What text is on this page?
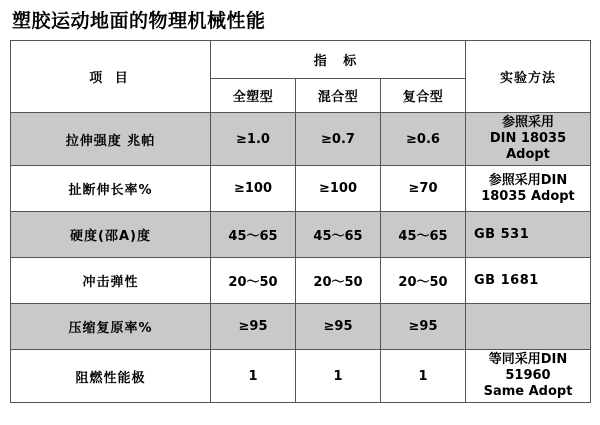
塑胶运动地面的物理机械性能
项 目	指 标			实验方法
	全塑型	混合型	复合型	
拉伸强度 兆帕	≥1.0	≥0.7	≥0.6	参照采用
DIN 18035 Adopt

扯断伸长率%	≥100	≥100	≥70	参照采用DIN
18035 Adopt

硬度(邵A)度	45～65	45～65	45～65	GB 531

冲击弹性	20～50	20～50	20～50	GB 1681

压缩复原率%	≥95	≥95	≥95	

阻燃性能极	1	1	1	等同采用DIN 51960
Same Adopt
